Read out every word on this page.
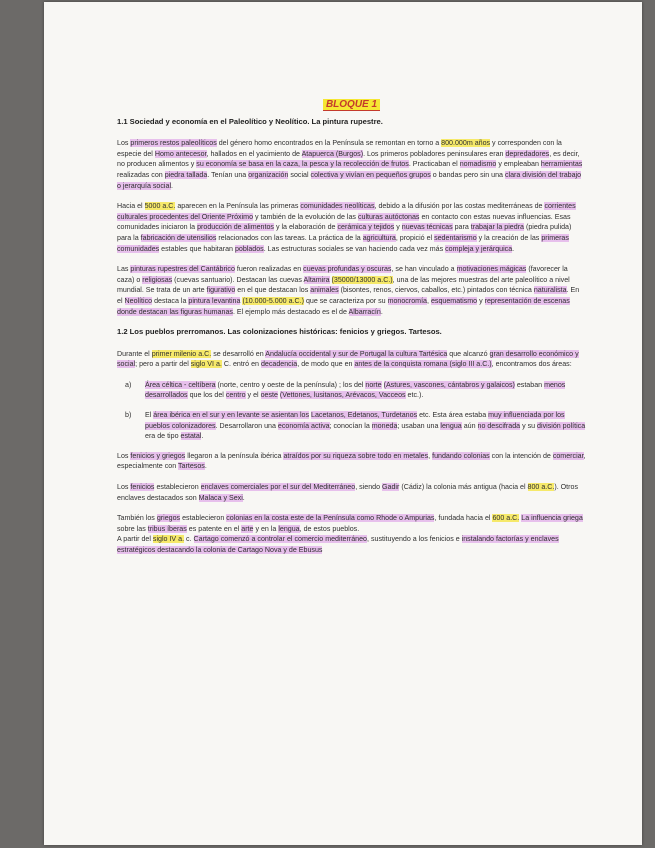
BLOQUE 1
1.1 Sociedad y economía en el Paleolítico y Neolítico. La pintura rupestre.

Los primeros restos paleolíticos del género homo encontrados en la Península se remontan en torno a 800.000m años y corresponden con la especie del Homo antecesor, hallados en el yacimiento de Atapuerca (Burgos). Los primeros pobladores peninsulares eran depredadores, es decir, no producen alimentos y su economía se basa en la caza, la pesca y la recolección de frutos. Practicaban el nomadismo y empleaban herramientas realizadas con piedra tallada. Tenían una organización social colectiva y vivían en pequeños grupos o bandas pero sin una clara división del trabajo o jerarquía social.

Hacia el 5000 a.C. aparecen en la Península las primeras comunidades neolíticas, debido a la difusión por las costas mediterráneas de corrientes culturales procedentes del Oriente Próximo y también de la evolución de las culturas autóctonas en contacto con estas nuevas influencias. Esas comunidades iniciaron la producción de alimentos y la elaboración de cerámica y tejidos y nuevas técnicas para trabajar la piedra (piedra pulida) para la fabricación de utensilios relacionados con las tareas. La práctica de la agricultura, propició el sedentarismo y la creación de las primeras comunidades estables que habitaran poblados. Las estructuras sociales se van haciendo cada vez más compleja y jerárquica.

Las pinturas rupestres del Cantábrico fueron realizadas en cuevas profundas y oscuras, se han vinculado a motivaciones mágicas (favorecer la caza) o religiosas (cuevas santuario). Destacan las cuevas Altamira (35000/13000 a.C.), una de las mejores muestras del arte paleolítico a nivel mundial. Se trata de un arte figurativo en el que destacan los animales (bisontes, renos, ciervos, caballos, etc.) pintados con técnica naturalista. En el Neolítico destaca la pintura levantina (10.000-5.000 a.C.) que se caracteriza por su monocromía, esquematismo y representación de escenas donde destacan las figuras humanas. El ejemplo más destacado es el de Albarracín.

1.2 Los pueblos prerromanos. Las colonizaciones históricas: fenicios y griegos. Tartesos.

Durante el primer milenio a.C. se desarrolló en Andalucía occidental y sur de Portugal la cultura Tartésica que alcanzó gran desarrollo económico y social; pero a partir del siglo VI a. C. entró en decadencia, de modo que en antes de la conquista romana (siglo III a.C.), encontramos dos áreas:

a)	Área céltica - celtíbera (norte, centro y oeste de la península) ; los del norte (Astures, vascones, cántabros y galaicos) estaban menos desarrollados que los del centro y el oeste (Vettones, lusitanos, Arévacos, Vacceos etc.).

b)	El área ibérica en el sur y en levante se asientan los Lacetanos, Edetanos, Turdetanos etc. Esta área estaba muy influenciada por los pueblos colonizadores. Desarrollaron una economía activa; conocían la moneda; usaban una lengua aún no descifrada y su división política era de tipo estatal.

Los fenicios y griegos llegaron a la península ibérica atraídos por su riqueza sobre todo en metales, fundando colonias con la intención de comerciar, especialmente con Tartesos.

Los fenicios establecieron enclaves comerciales por el sur del Mediterráneo, siendo Gadir (Cádiz) la colonia más antigua (hacia el 800 a.C.). Otros enclaves destacados son Malaca y Sexi.

También los griegos establecieron colonias en la costa este de la Península como Rhode o Ampurias, fundada hacia el 600 a.C. La influencia griega sobre las tribus íberas es patente en el arte y en la lengua, de estos pueblos.

A partir del siglo IV a. c. Cartago comenzó a controlar el comercio mediterráneo, sustituyendo a los fenicios e instalando factorías y enclaves estratégicos destacando la colonia de Cartago Nova y de Ebusus
